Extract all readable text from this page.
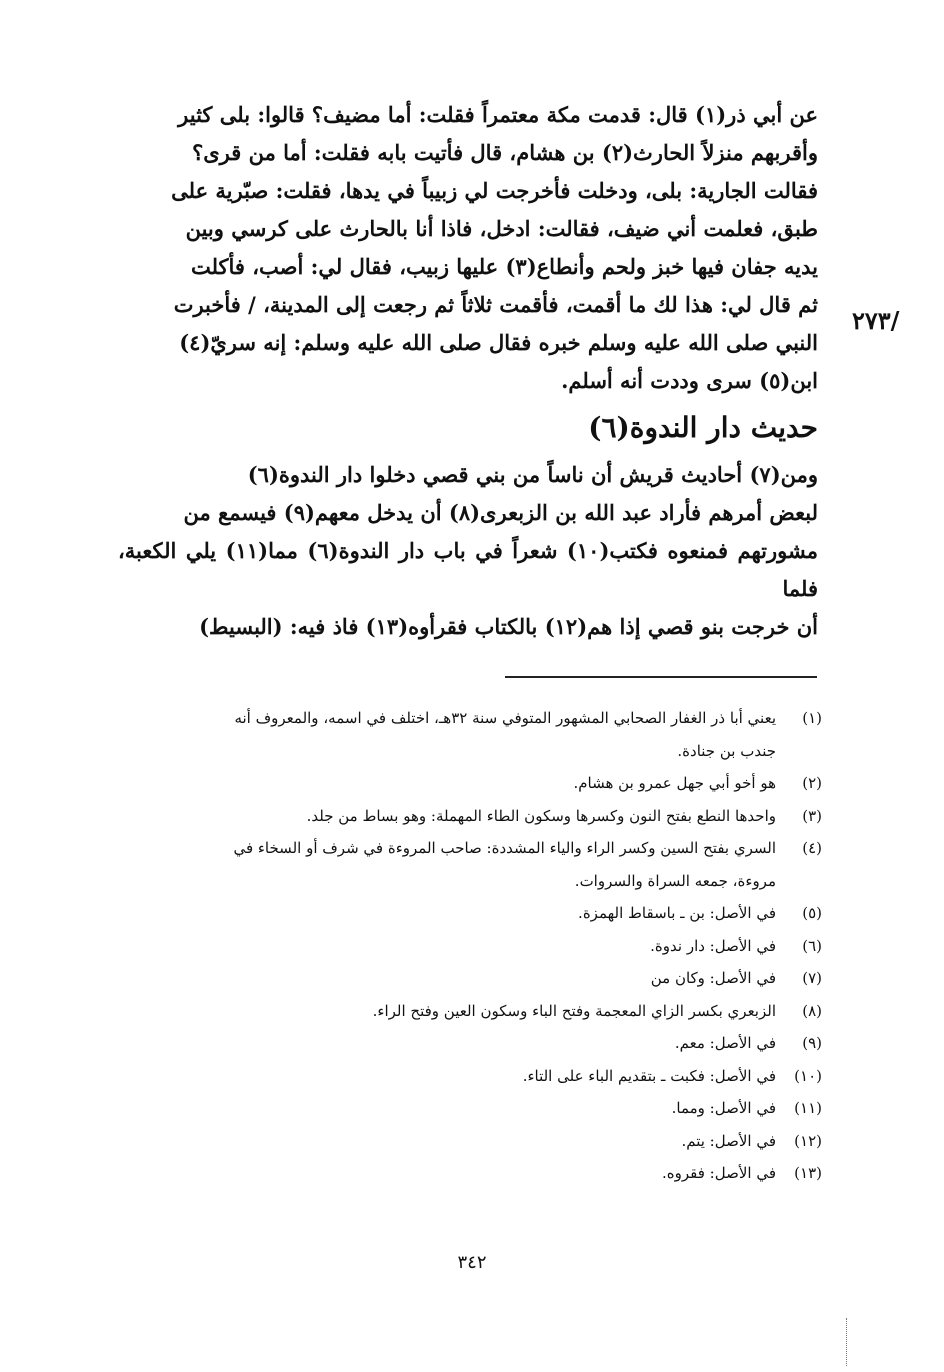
/٢٧٣

عن أبي ذر(١) قال: قدمت مكة معتمراً فقلت: أما مضيف؟ قالوا: بلى كثير
وأقربهم منزلاً الحارث(٢) بن هشام، قال فأتيت بابه فقلت: أما من قرى؟
فقالت الجارية: بلى، ودخلت فأخرجت لي زبيباً في يدها، فقلت: صبّرية على
طبق، فعلمت أني ضيف، فقالت: ادخل، فاذا أنا بالحارث على كرسي وبين
يديه جفان فيها خبز ولحم وأنطاع(٣) عليها زبيب، فقال لي: أصب، فأكلت
ثم قال لي: هذا لك ما أقمت، فأقمت ثلاثاً ثم رجعت إلى المدينة، / فأخبرت
النبي صلى الله عليه وسلم خبره فقال صلى الله عليه وسلم: إنه سريّ(٤)
ابن(٥) سرى وددت أنه أسلم.

حديث دار الندوة(٦)

ومن(٧) أحاديث قريش أن ناساً من بني قصي دخلوا دار الندوة(٦)
لبعض أمرهم فأراد عبد الله بن الزبعرى(٨) أن يدخل معهم(٩) فيسمع من
مشورتهم فمنعوه فكتب(١٠) شعراً في باب دار الندوة(٦) مما(١١) يلي الكعبة، فلما
أن خرجت بنو قصي إذا هم(١٢) بالكتاب فقرأوه(١٣) فاذ فيه: (البسيط)

(١)
يعني أبا ذر الغفار الصحابي المشهور المتوفي سنة ٣٢هـ، اختلف في اسمه، والمعروف أنه
جندب بن جنادة.
(٢)
هو أخو أبي جهل عمرو بن هشام.
(٣)
واحدها النطع بفتح النون وكسرها وسكون الطاء المهملة: وهو بساط من جلد.
(٤)
السري بفتح السين وكسر الراء والياء المشددة: صاحب المروءة في شرف أو السخاء في
مروءة، جمعه السراة والسروات.
(٥)
في الأصل: بن ـ باسقاط الهمزة.
(٦)
في الأصل: دار ندوة.
(٧)
في الأصل: وكان من
(٨)
الزبعري بكسر الزاي المعجمة وفتح الباء وسكون العين وفتح الراء.
(٩)
في الأصل: معم.
(١٠)
في الأصل: فكبت ـ بتقديم الباء على التاء.
(١١)
في الأصل: ومما.
(١٢)
في الأصل: يتم.
(١٣)
في الأصل: فقروه.
٣٤٢
